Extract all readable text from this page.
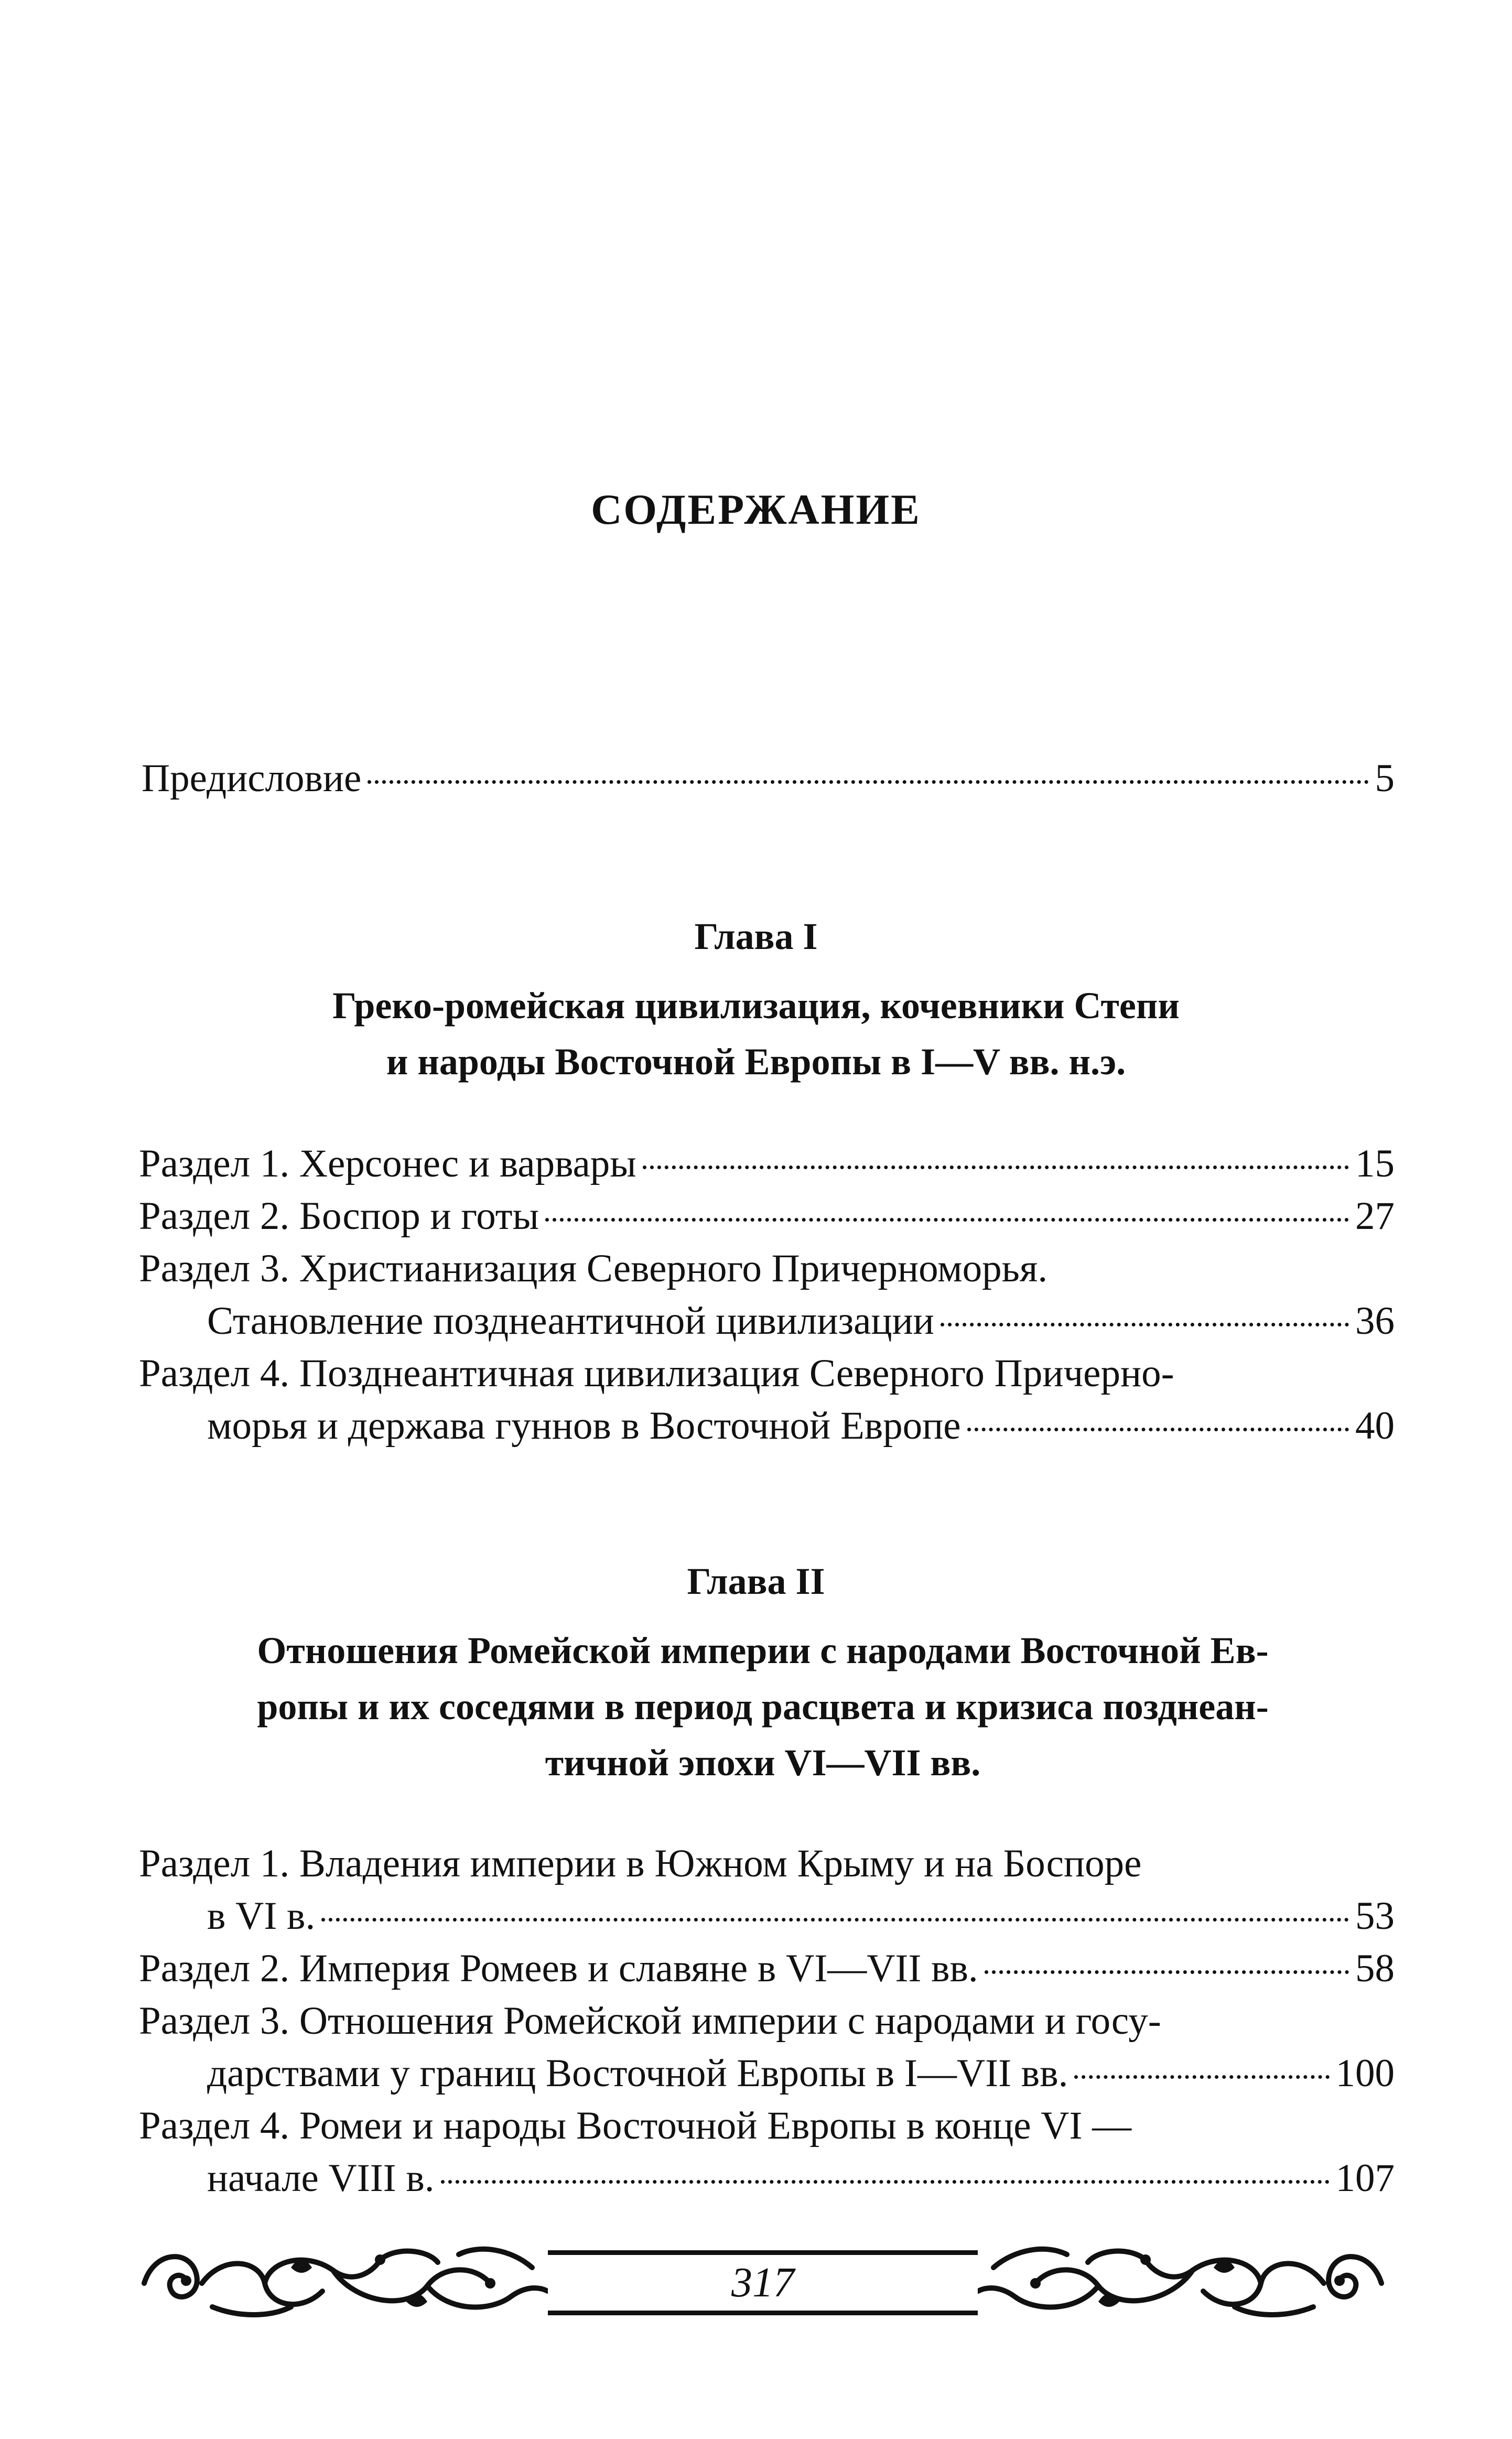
СОДЕРЖАНИЕ
Предисловие	5
Глава I
Греко-ромейская цивилизация, кочевники Степи
и народы Восточной Европы в I—V вв. н.э.
Раздел 1. Херсонес и варвары	15
Раздел 2. Боспор и готы	27
Раздел 3. Христианизация Северного Причерноморья.
Становление позднеантичной цивилизации	36
Раздел 4. Позднеантичная цивилизация Северного Причерно-
морья и держава гуннов в Восточной Европе	40
Глава II
Отношения Ромейской империи с народами Восточной Ев-
ропы и их соседями в период расцвета и кризиса позднеан-
тичной эпохи VI—VII вв.
Раздел 1. Владения империи в Южном Крыму и на Боспоре
в VI в.	53
Раздел 2. Империя Ромеев и славяне в VI—VII вв.	58
Раздел 3. Отношения Ромейской империи с народами и госу-
дарствами у границ Восточной Европы в I—VII вв.	100
Раздел 4. Ромеи и народы Восточной Европы в конце VI —
начале VIII в.	107
317
